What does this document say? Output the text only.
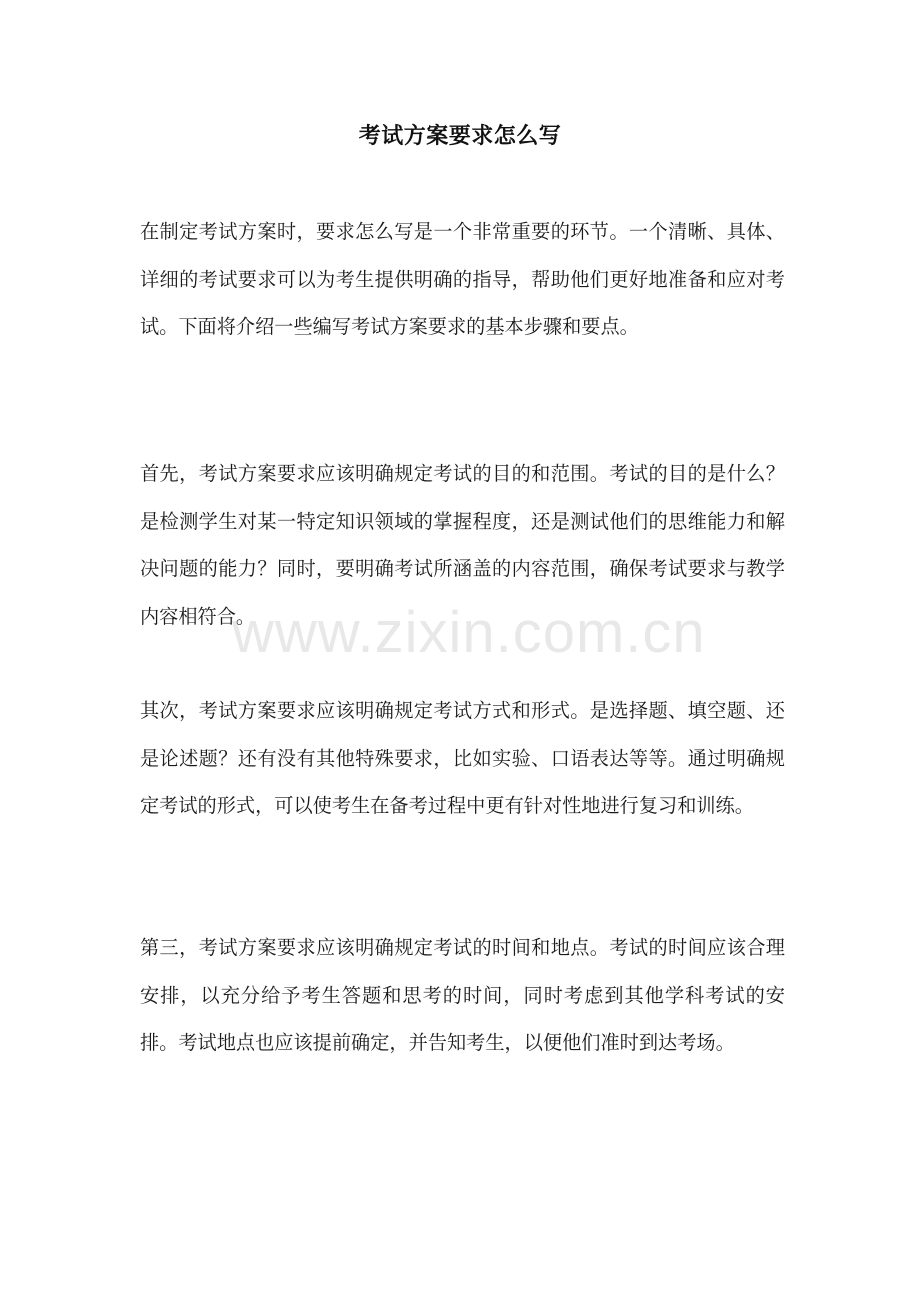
考试方案要求怎么写

在制定考试方案时，要求怎么写是一个非常重要的环节。一个清晰、具体、详细的考试要求可以为考生提供明确的指导，帮助他们更好地准备和应对考试。下面将介绍一些编写考试方案要求的基本步骤和要点。

首先，考试方案要求应该明确规定考试的目的和范围。考试的目的是什么？是检测学生对某一特定知识领域的掌握程度，还是测试他们的思维能力和解决问题的能力？同时，要明确考试所涵盖的内容范围，确保考试要求与教学内容相符合。

其次，考试方案要求应该明确规定考试方式和形式。是选择题、填空题、还是论述题？还有没有其他特殊要求，比如实验、口语表达等等。通过明确规定考试的形式，可以使考生在备考过程中更有针对性地进行复习和训练。

第三，考试方案要求应该明确规定考试的时间和地点。考试的时间应该合理安排，以充分给予考生答题和思考的时间，同时考虑到其他学科考试的安排。考试地点也应该提前确定，并告知考生，以便他们准时到达考场。

www.zixin.com.cn
